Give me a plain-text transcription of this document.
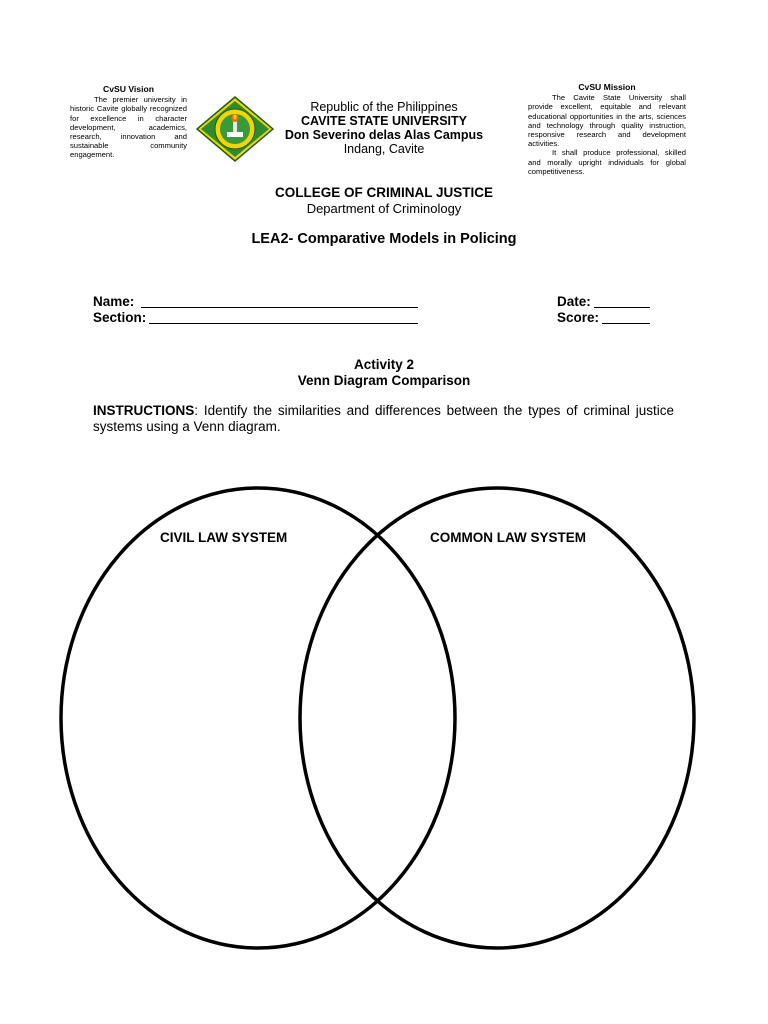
CvSU Vision
The premier university in historic Cavite globally recognized for excellence in character development, academics, research, innovation and sustainable community engagement.
Republic of the Philippines
CAVITE STATE UNIVERSITY
Don Severino delas Alas Campus
Indang, Cavite
CvSU Mission
The Cavite State University shall provide excellent, equitable and relevant educational opportunities in the arts, sciences and technology through quality instruction, responsive research and development activities.
It shall produce professional, skilled and morally upright individuals for global competitiveness.
COLLEGE OF CRIMINAL JUSTICE
Department of Criminology
LEA2- Comparative Models in Policing
Name:
Section:
Date:
Score:
Activity 2
Venn Diagram Comparison
INSTRUCTIONS: Identify the similarities and differences between the types of criminal justice systems using a Venn diagram.
CIVIL LAW SYSTEM	COMMON LAW SYSTEM
